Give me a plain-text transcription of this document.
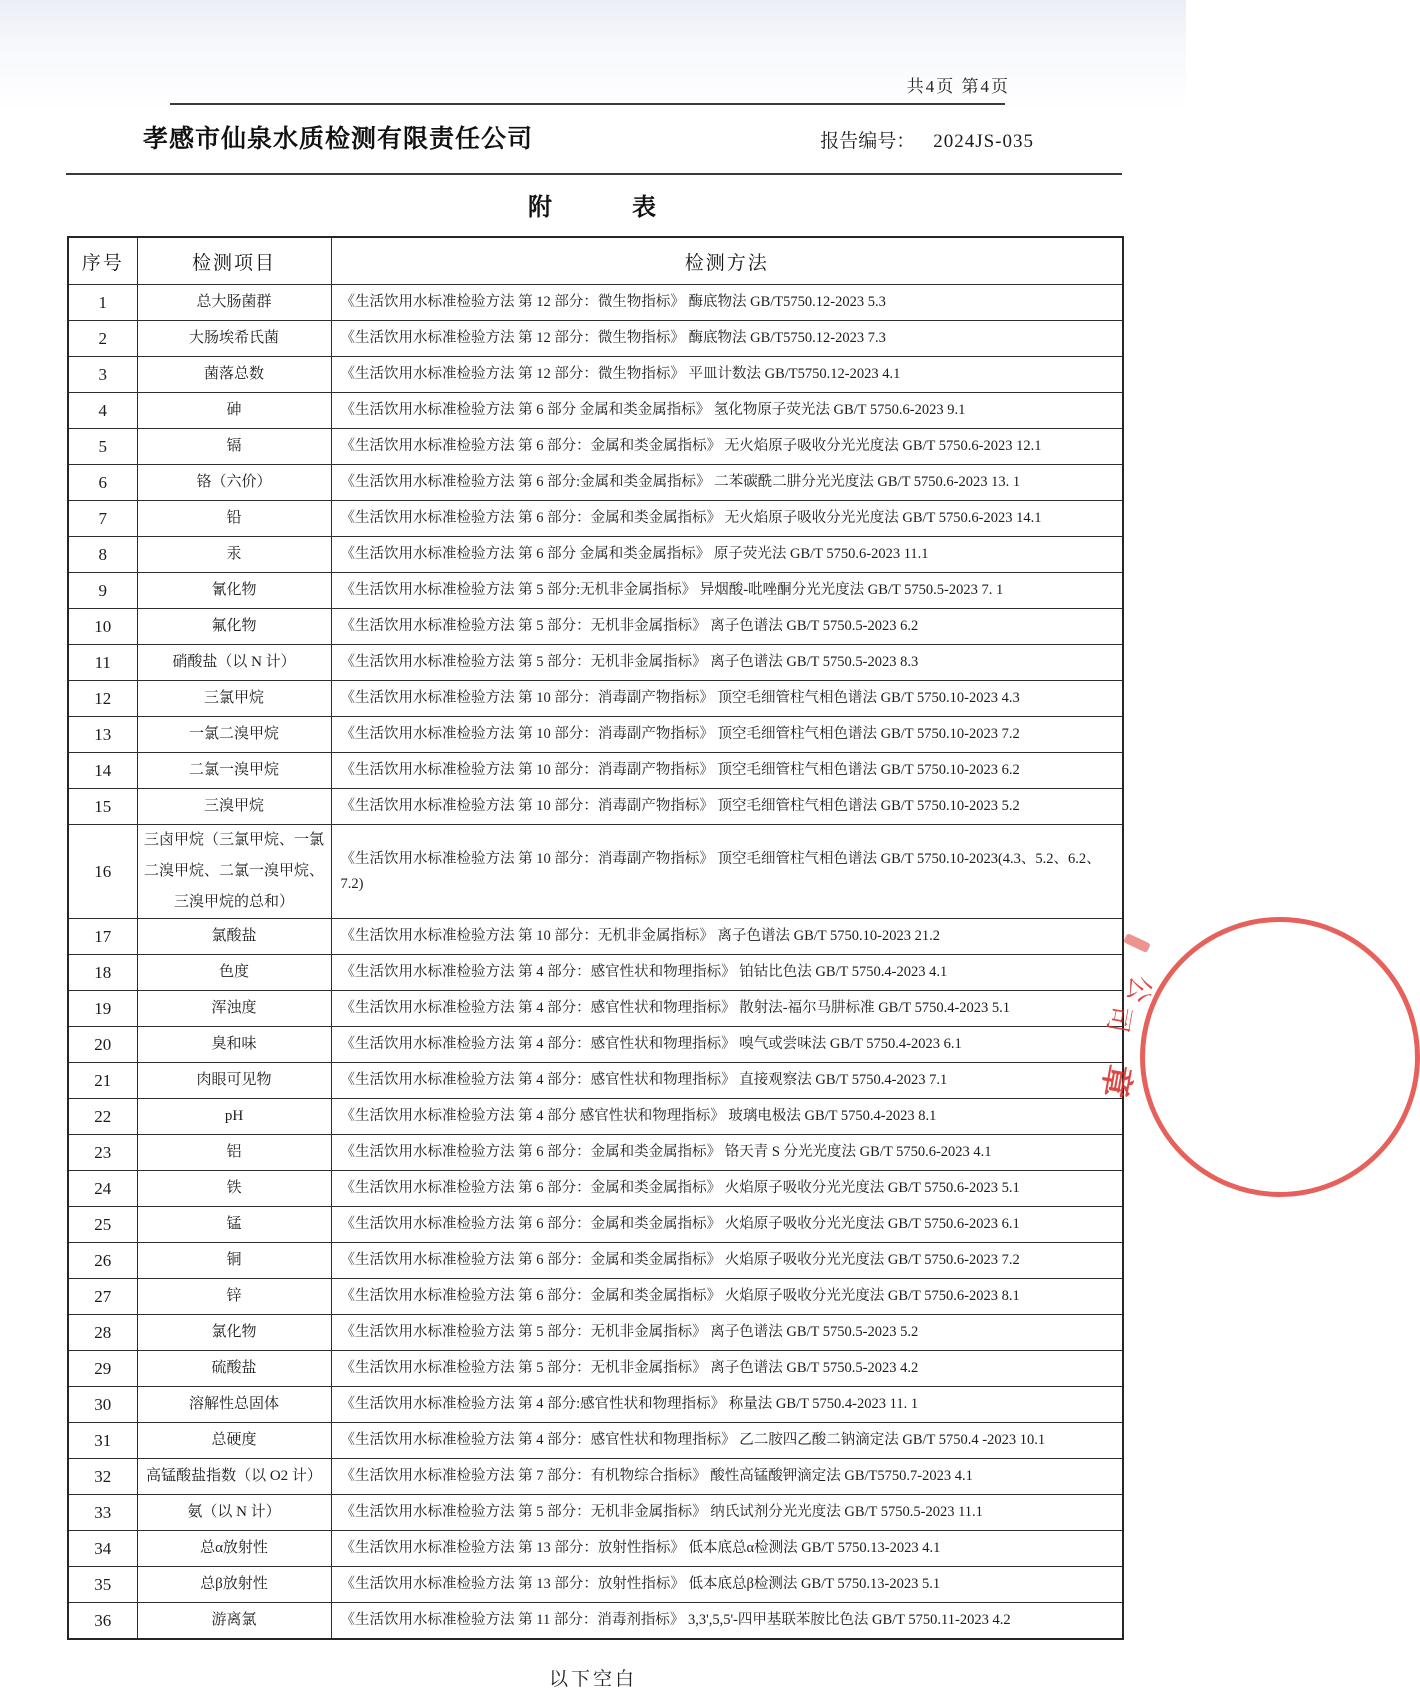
共4页 第4页
孝感市仙泉水质检测有限责任公司	报告编号： 2024JS-035
附　　　表
序号	检测项目	检测方法
1	总大肠菌群	《生活饮用水标准检验方法 第 12 部分：微生物指标》 酶底物法 GB/T5750.12-2023 5.3
2	大肠埃希氏菌	《生活饮用水标准检验方法 第 12 部分：微生物指标》 酶底物法 GB/T5750.12-2023 7.3
3	菌落总数	《生活饮用水标准检验方法 第 12 部分：微生物指标》 平皿计数法 GB/T5750.12-2023 4.1
4	砷	《生活饮用水标准检验方法 第 6 部分 金属和类金属指标》 氢化物原子荧光法 GB/T 5750.6-2023 9.1
5	镉	《生活饮用水标准检验方法 第 6 部分：金属和类金属指标》 无火焰原子吸收分光光度法 GB/T 5750.6-2023 12.1
6	铬（六价）	《生活饮用水标准检验方法 第 6 部分:金属和类金属指标》 二苯碳酰二肼分光光度法 GB/T 5750.6-2023 13. 1
7	铅	《生活饮用水标准检验方法 第 6 部分：金属和类金属指标》 无火焰原子吸收分光光度法 GB/T 5750.6-2023 14.1
8	汞	《生活饮用水标准检验方法 第 6 部分 金属和类金属指标》 原子荧光法 GB/T 5750.6-2023 11.1
9	氰化物	《生活饮用水标准检验方法 第 5 部分:无机非金属指标》 异烟酸-吡唑酮分光光度法 GB/T 5750.5-2023 7. 1
10	氟化物	《生活饮用水标准检验方法 第 5 部分：无机非金属指标》 离子色谱法 GB/T 5750.5-2023 6.2
11	硝酸盐（以 N 计）	《生活饮用水标准检验方法 第 5 部分：无机非金属指标》 离子色谱法 GB/T 5750.5-2023 8.3
12	三氯甲烷	《生活饮用水标准检验方法 第 10 部分：消毒副产物指标》 顶空毛细管柱气相色谱法 GB/T 5750.10-2023 4.3
13	一氯二溴甲烷	《生活饮用水标准检验方法 第 10 部分：消毒副产物指标》 顶空毛细管柱气相色谱法 GB/T 5750.10-2023 7.2
14	二氯一溴甲烷	《生活饮用水标准检验方法 第 10 部分：消毒副产物指标》 顶空毛细管柱气相色谱法 GB/T 5750.10-2023 6.2
15	三溴甲烷	《生活饮用水标准检验方法 第 10 部分：消毒副产物指标》 顶空毛细管柱气相色谱法 GB/T 5750.10-2023 5.2
16	三卤甲烷（三氯甲烷、一氯二溴甲烷、二氯一溴甲烷、三溴甲烷的总和）	《生活饮用水标准检验方法 第 10 部分：消毒副产物指标》 顶空毛细管柱气相色谱法 GB/T 5750.10-2023(4.3、5.2、6.2、7.2)
17	氯酸盐	《生活饮用水标准检验方法 第 10 部分：无机非金属指标》 离子色谱法 GB/T 5750.10-2023 21.2
18	色度	《生活饮用水标准检验方法 第 4 部分：感官性状和物理指标》 铂钴比色法 GB/T 5750.4-2023 4.1
19	浑浊度	《生活饮用水标准检验方法 第 4 部分：感官性状和物理指标》 散射法-福尔马肼标准 GB/T 5750.4-2023 5.1
20	臭和味	《生活饮用水标准检验方法 第 4 部分：感官性状和物理指标》 嗅气或尝味法 GB/T 5750.4-2023 6.1
21	肉眼可见物	《生活饮用水标准检验方法 第 4 部分：感官性状和物理指标》 直接观察法 GB/T 5750.4-2023 7.1
22	pH	《生活饮用水标准检验方法 第 4 部分 感官性状和物理指标》 玻璃电极法 GB/T 5750.4-2023 8.1
23	铝	《生活饮用水标准检验方法 第 6 部分：金属和类金属指标》 铬天青 S 分光光度法 GB/T 5750.6-2023 4.1
24	铁	《生活饮用水标准检验方法 第 6 部分：金属和类金属指标》 火焰原子吸收分光光度法 GB/T 5750.6-2023 5.1
25	锰	《生活饮用水标准检验方法 第 6 部分：金属和类金属指标》 火焰原子吸收分光光度法 GB/T 5750.6-2023 6.1
26	铜	《生活饮用水标准检验方法 第 6 部分：金属和类金属指标》 火焰原子吸收分光光度法 GB/T 5750.6-2023 7.2
27	锌	《生活饮用水标准检验方法 第 6 部分：金属和类金属指标》 火焰原子吸收分光光度法 GB/T 5750.6-2023 8.1
28	氯化物	《生活饮用水标准检验方法 第 5 部分：无机非金属指标》 离子色谱法 GB/T 5750.5-2023 5.2
29	硫酸盐	《生活饮用水标准检验方法 第 5 部分：无机非金属指标》 离子色谱法 GB/T 5750.5-2023 4.2
30	溶解性总固体	《生活饮用水标准检验方法 第 4 部分:感官性状和物理指标》 称量法 GB/T 5750.4-2023 11. 1
31	总硬度	《生活饮用水标准检验方法 第 4 部分：感官性状和物理指标》 乙二胺四乙酸二钠滴定法 GB/T 5750.4 -2023 10.1
32	高锰酸盐指数（以 O2 计）	《生活饮用水标准检验方法 第 7 部分：有机物综合指标》 酸性高锰酸钾滴定法 GB/T5750.7-2023 4.1
33	氨（以 N 计）	《生活饮用水标准检验方法 第 5 部分：无机非金属指标》 纳氏试剂分光光度法 GB/T 5750.5-2023 11.1
34	总α放射性	《生活饮用水标准检验方法 第 13 部分：放射性指标》 低本底总α检测法 GB/T 5750.13-2023 4.1
35	总β放射性	《生活饮用水标准检验方法 第 13 部分：放射性指标》 低本底总β检测法 GB/T 5750.13-2023 5.1
36	游离氯	《生活饮用水标准检验方法 第 11 部分：消毒剂指标》 3,3',5,5'-四甲基联苯胺比色法 GB/T 5750.11-2023 4.2
以下空白
公
司
章
